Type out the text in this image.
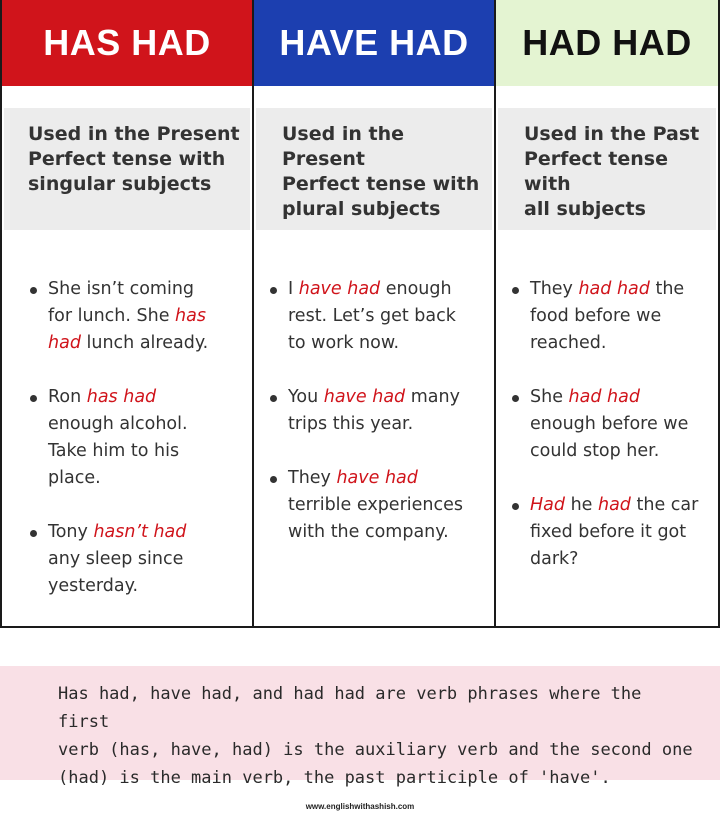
HAS HAD
Used in the Present
Perfect tense with
singular subjects
She isn’t coming
for lunch. She has
had lunch already.
Ron has had
enough alcohol.
Take him to his
place.
Tony hasn’t had
any sleep since
yesterday.
HAVE HAD
Used in the Present
Perfect tense with
plural subjects
I have had enough
rest. Let’s get back
to work now.
You have had many
trips this year.
They have had
terrible experiences
with the company.
HAD HAD
Used in the Past
Perfect tense with
all subjects
They had had the
food before we
reached.
She had had
enough before we
could stop her.
Had he had the car
fixed before it got
dark?
Has had, have had, and had had are verb phrases where the first
verb (has, have, had) is the auxiliary verb and the second one
(had) is the main verb, the past participle of 'have'.
www.englishwithashish.com
